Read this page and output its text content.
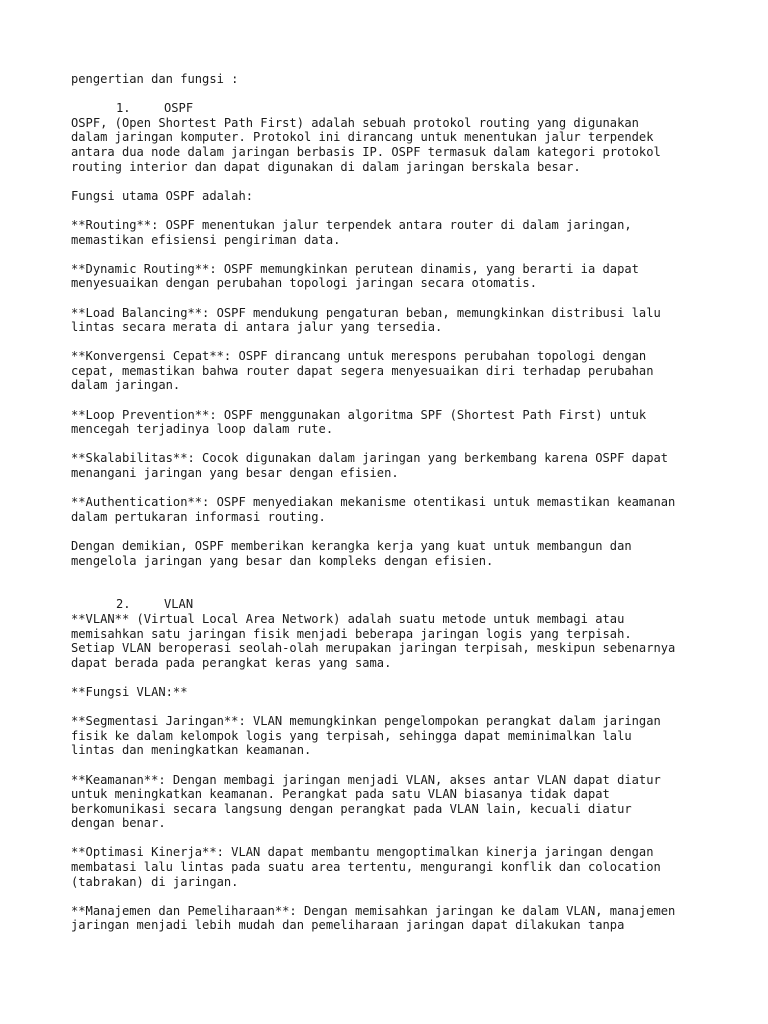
pengertian dan fungsi :
1.	OSPF
OSPF, (Open Shortest Path First) adalah sebuah protokol routing yang digunakan
dalam jaringan komputer. Protokol ini dirancang untuk menentukan jalur terpendek
antara dua node dalam jaringan berbasis IP. OSPF termasuk dalam kategori protokol
routing interior dan dapat digunakan di dalam jaringan berskala besar.
Fungsi utama OSPF adalah:
**Routing**: OSPF menentukan jalur terpendek antara router di dalam jaringan,
memastikan efisiensi pengiriman data.
**Dynamic Routing**: OSPF memungkinkan perutean dinamis, yang berarti ia dapat
menyesuaikan dengan perubahan topologi jaringan secara otomatis.
**Load Balancing**: OSPF mendukung pengaturan beban, memungkinkan distribusi lalu
lintas secara merata di antara jalur yang tersedia.
**Konvergensi Cepat**: OSPF dirancang untuk merespons perubahan topologi dengan
cepat, memastikan bahwa router dapat segera menyesuaikan diri terhadap perubahan
dalam jaringan.
**Loop Prevention**: OSPF menggunakan algoritma SPF (Shortest Path First) untuk
mencegah terjadinya loop dalam rute.
**Skalabilitas**: Cocok digunakan dalam jaringan yang berkembang karena OSPF dapat
menangani jaringan yang besar dengan efisien.
**Authentication**: OSPF menyediakan mekanisme otentikasi untuk memastikan keamanan
dalam pertukaran informasi routing.
Dengan demikian, OSPF memberikan kerangka kerja yang kuat untuk membangun dan
mengelola jaringan yang besar dan kompleks dengan efisien.
2.	VLAN
**VLAN** (Virtual Local Area Network) adalah suatu metode untuk membagi atau
memisahkan satu jaringan fisik menjadi beberapa jaringan logis yang terpisah.
Setiap VLAN beroperasi seolah-olah merupakan jaringan terpisah, meskipun sebenarnya
dapat berada pada perangkat keras yang sama.
**Fungsi VLAN:**
**Segmentasi Jaringan**: VLAN memungkinkan pengelompokan perangkat dalam jaringan
fisik ke dalam kelompok logis yang terpisah, sehingga dapat meminimalkan lalu
lintas dan meningkatkan keamanan.
**Keamanan**: Dengan membagi jaringan menjadi VLAN, akses antar VLAN dapat diatur
untuk meningkatkan keamanan. Perangkat pada satu VLAN biasanya tidak dapat
berkomunikasi secara langsung dengan perangkat pada VLAN lain, kecuali diatur
dengan benar.
**Optimasi Kinerja**: VLAN dapat membantu mengoptimalkan kinerja jaringan dengan
membatasi lalu lintas pada suatu area tertentu, mengurangi konflik dan colocation
(tabrakan) di jaringan.
**Manajemen dan Pemeliharaan**: Dengan memisahkan jaringan ke dalam VLAN, manajemen
jaringan menjadi lebih mudah dan pemeliharaan jaringan dapat dilakukan tanpa
